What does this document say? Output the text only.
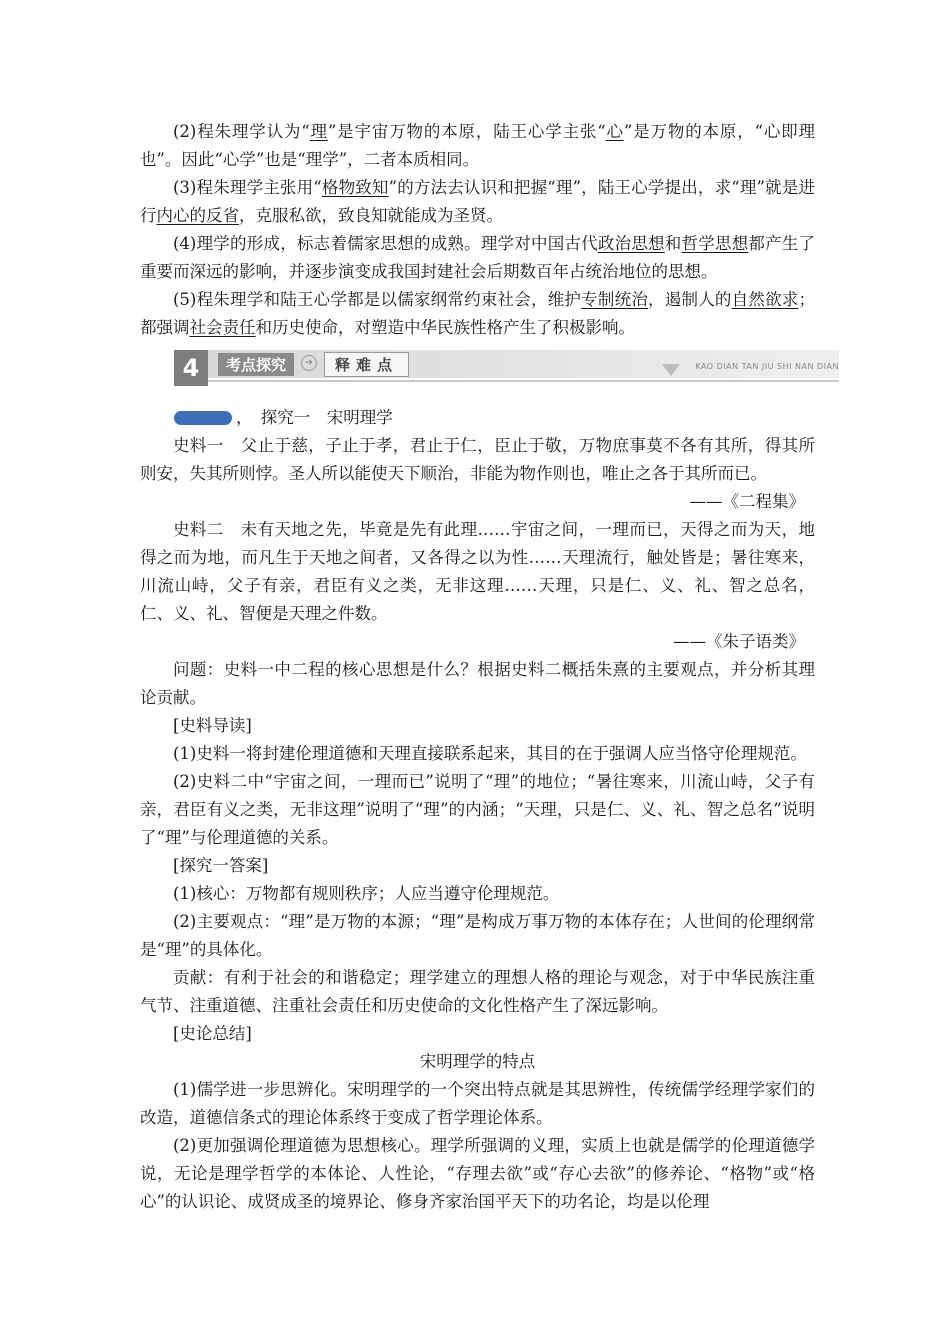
(2)程朱理学认为“理”是宇宙万物的本原，陆王心学主张“心”是万物的本原，“心即理也”。因此“心学”也是“理学”，二者本质相同。

(3)程朱理学主张用“格物致知”的方法去认识和把握“理”，陆王心学提出，求“理”就是进行内心的反省，克服私欲，致良知就能成为圣贤。

(4)理学的形成，标志着儒家思想的成熟。理学对中国古代政治思想和哲学思想都产生了重要而深远的影响，并逐步演变成我国封建社会后期数百年占统治地位的思想。

(5)程朱理学和陆王心学都是以儒家纲常约束社会，维护专制统治，遏制人的自然欲求；都强调社会责任和历史使命，对塑造中华民族性格产生了积极影响。

4	考点探究	➔	释难点	KAO DIAN TAN JIU SHI NAN DIAN
，　探究一　宋明理学

史料一　父止于慈，子止于孝，君止于仁，臣止于敬，万物庶事莫不各有其所，得其所则安，失其所则悖。圣人所以能使天下顺治，非能为物作则也，唯止之各于其所而已。

——《二程集》

史料二　未有天地之先，毕竟是先有此理……宇宙之间，一理而已，天得之而为天，地得之而为地，而凡生于天地之间者，又各得之以为性……天理流行，触处皆是；暑往寒来，川流山峙，父子有亲，君臣有义之类，无非这理……天理，只是仁、义、礼、智之总名，仁、义、礼、智便是天理之件数。

——《朱子语类》

问题：史料一中二程的核心思想是什么？根据史料二概括朱熹的主要观点，并分析其理论贡献。

[史料导读]

(1)史料一将封建伦理道德和天理直接联系起来，其目的在于强调人应当恪守伦理规范。

(2)史料二中“宇宙之间，一理而已”说明了“理”的地位；“暑往寒来，川流山峙，父子有亲，君臣有义之类，无非这理”说明了“理”的内涵；“天理，只是仁、义、礼、智之总名”说明了“理”与伦理道德的关系。

[探究一答案]

(1)核心：万物都有规则秩序；人应当遵守伦理规范。

(2)主要观点：“理”是万物的本源；“理”是构成万事万物的本体存在；人世间的伦理纲常是“理”的具体化。

贡献：有利于社会的和谐稳定；理学建立的理想人格的理论与观念，对于中华民族注重气节、注重道德、注重社会责任和历史使命的文化性格产生了深远影响。

[史论总结]

宋明理学的特点

(1)儒学进一步思辨化。宋明理学的一个突出特点就是其思辨性，传统儒学经理学家们的改造，道德信条式的理论体系终于变成了哲学理论体系。

(2)更加强调伦理道德为思想核心。理学所强调的义理，实质上也就是儒学的伦理道德学说，无论是理学哲学的本体论、人性论，“存理去欲”或“存心去欲”的修养论、“格物”或“格心”的认识论、成贤成圣的境界论、修身齐家治国平天下的功名论，均是以伦理
